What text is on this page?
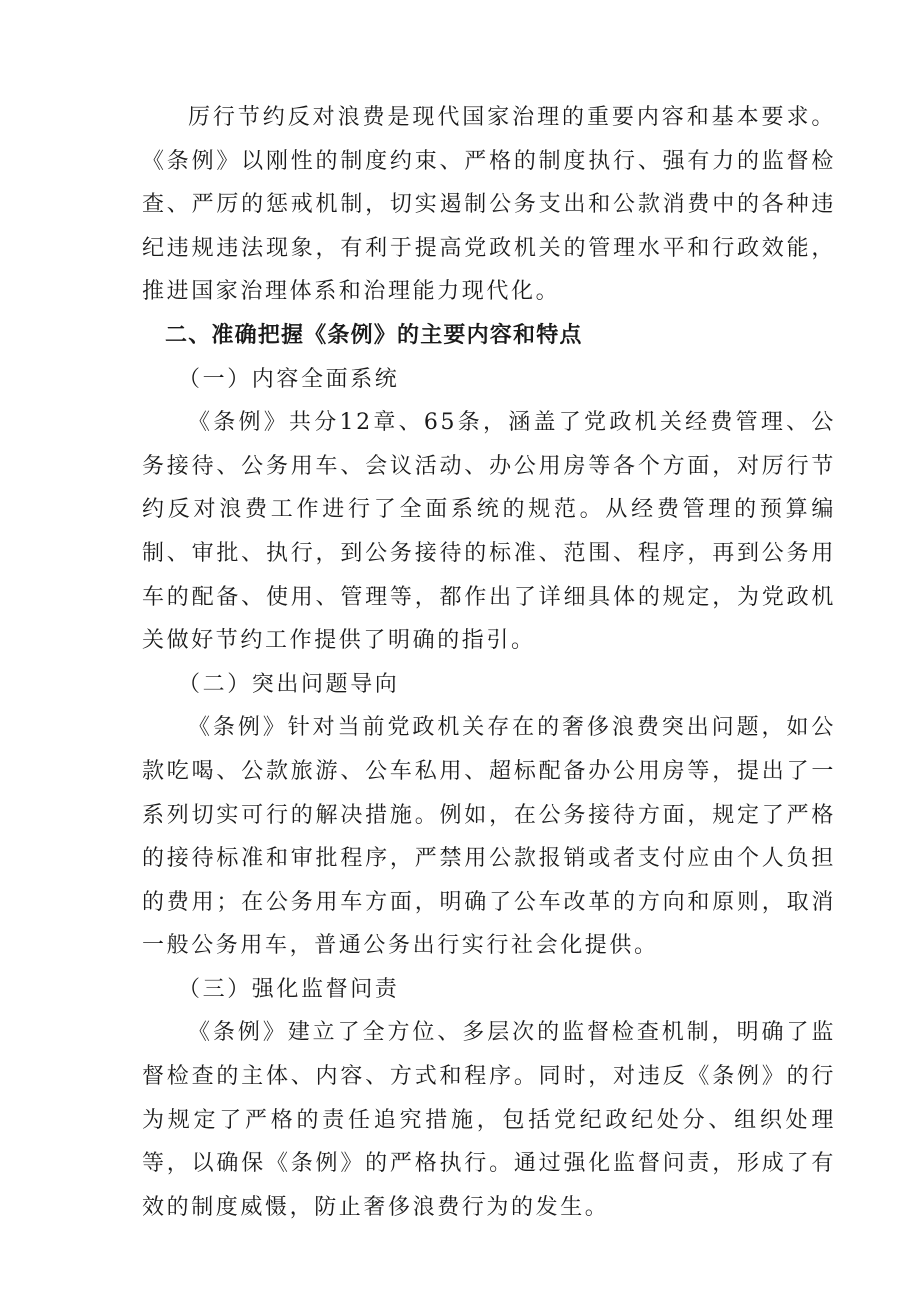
厉行节约反对浪费是现代国家治理的重要内容和基本要求。《条例》以刚性的制度约束、严格的制度执行、强有力的监督检查、严厉的惩戒机制，切实遏制公务支出和公款消费中的各种违纪违规违法现象，有利于提高党政机关的管理水平和行政效能，推进国家治理体系和治理能力现代化。

二、准确把握《条例》的主要内容和特点

（一）内容全面系统

《条例》共分12章、65条，涵盖了党政机关经费管理、公务接待、公务用车、会议活动、办公用房等各个方面，对厉行节约反对浪费工作进行了全面系统的规范。从经费管理的预算编制、审批、执行，到公务接待的标准、范围、程序，再到公务用车的配备、使用、管理等，都作出了详细具体的规定，为党政机关做好节约工作提供了明确的指引。

（二）突出问题导向

《条例》针对当前党政机关存在的奢侈浪费突出问题，如公款吃喝、公款旅游、公车私用、超标配备办公用房等，提出了一系列切实可行的解决措施。例如，在公务接待方面，规定了严格的接待标准和审批程序，严禁用公款报销或者支付应由个人负担的费用；在公务用车方面，明确了公车改革的方向和原则，取消一般公务用车，普通公务出行实行社会化提供。

（三）强化监督问责

《条例》建立了全方位、多层次的监督检查机制，明确了监督检查的主体、内容、方式和程序。同时，对违反《条例》的行为规定了严格的责任追究措施，包括党纪政纪处分、组织处理等，以确保《条例》的严格执行。通过强化监督问责，形成了有效的制度威慑，防止奢侈浪费行为的发生。
